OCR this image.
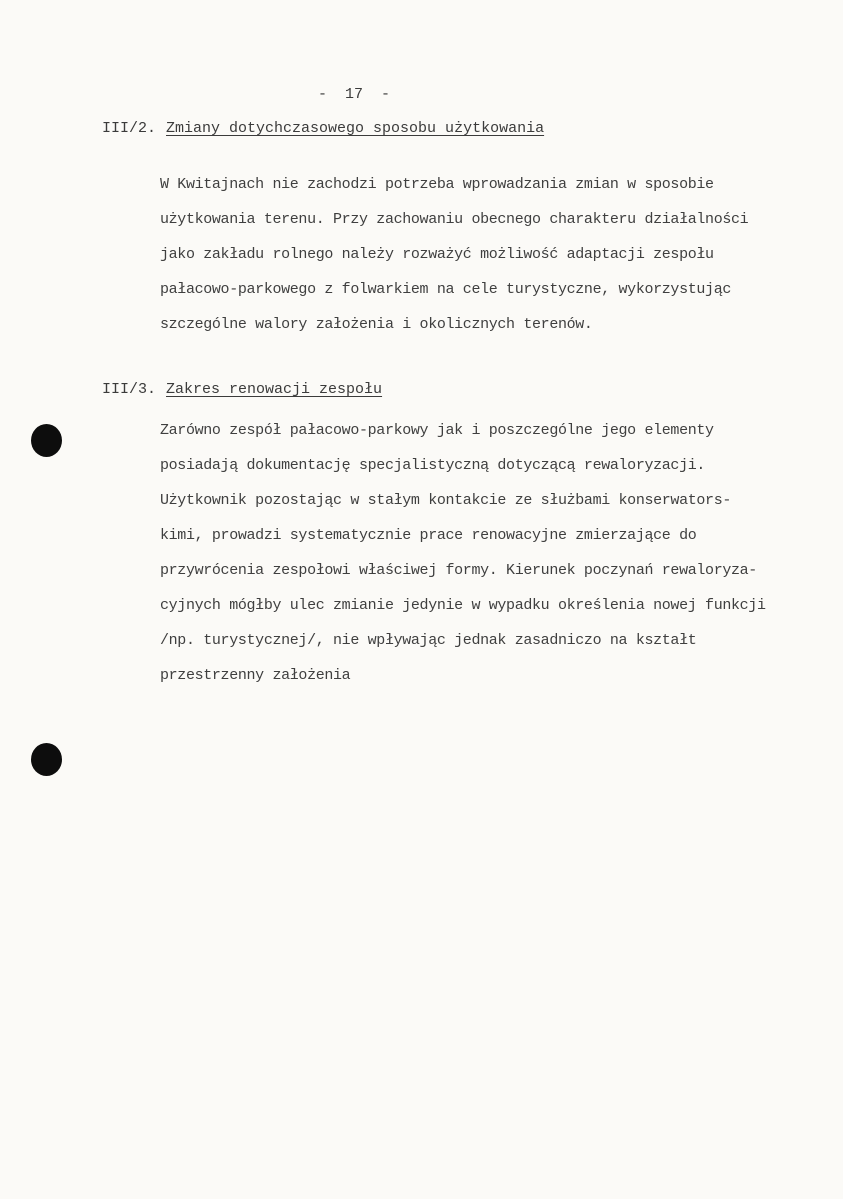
-  17  -
III/2. Zmiany dotychczasowego sposobu użytkowania

W Kwitajnach nie zachodzi potrzeba wprowadzania zmian w sposobie
użytkowania terenu. Przy zachowaniu obecnego charakteru działalności
jako zakładu rolnego należy rozważyć możliwość adaptacji zespołu
pałacowo-parkowego z folwarkiem na cele turystyczne, wykorzystując
szczególne walory założenia i okolicznych terenów.

III/3. Zakres renowacji zespołu

Zarówno zespół pałacowo-parkowy jak i poszczególne jego elementy
posiadają dokumentację specjalistyczną dotyczącą rewaloryzacji.
Użytkownik pozostając w stałym kontakcie ze służbami konserwators-
kimi, prowadzi systematycznie prace renowacyjne zmierzające do
przywrócenia zespołowi właściwej formy. Kierunek poczynań rewaloryza-
cyjnych mógłby ulec zmianie jedynie w wypadku określenia nowej funkcji
/np. turystycznej/, nie wpływając jednak zasadniczo na kształt
przestrzenny założenia
